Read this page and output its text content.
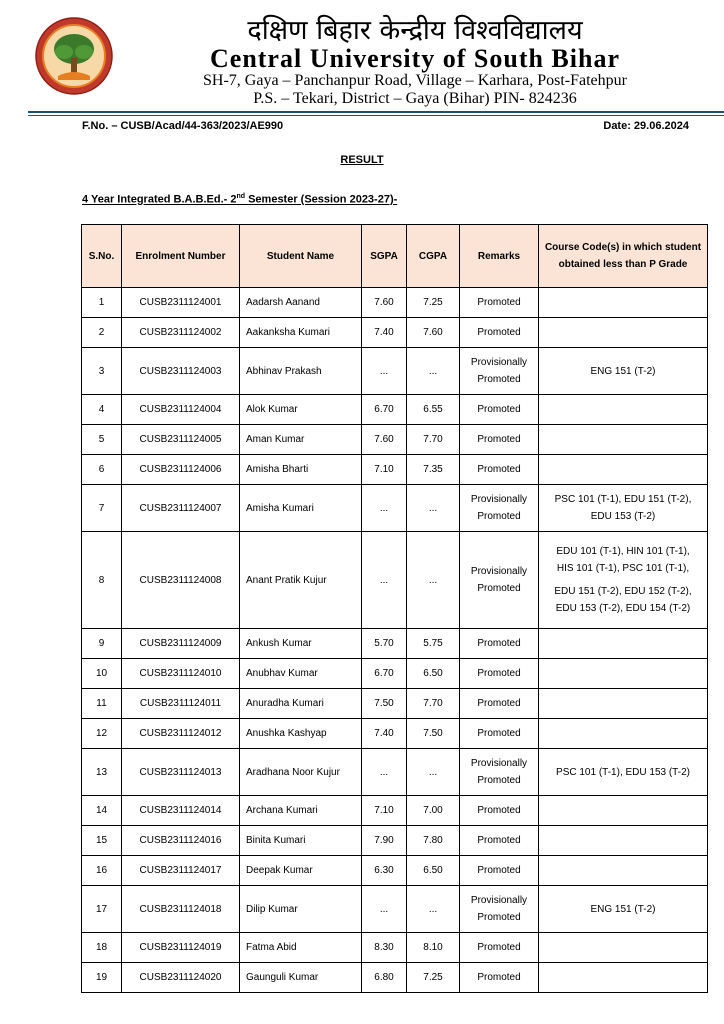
दक्षिण बिहार केन्द्रीय विश्वविद्यालय
Central University of South Bihar
SH-7, Gaya – Panchanpur Road, Village – Karhara, Post-Fatehpur
P.S. – Tekari, District – Gaya (Bihar) PIN- 824236
F.No. – CUSB/Acad/44-363/2023/AE990	Date: 29.06.2024
RESULT
4 Year Integrated B.A.B.Ed.- 2nd Semester (Session 2023-27)-
S.No.	Enrolment Number	Student Name	SGPA	CGPA	Remarks	Course Code(s) in which student obtained less than P Grade
1	CUSB2311124001	Aadarsh Aanand	7.60	7.25	Promoted	
2	CUSB2311124002	Aakanksha Kumari	7.40	7.60	Promoted	
3	CUSB2311124003	Abhinav Prakash	...	...	Provisionally Promoted	ENG 151 (T-2)

4	CUSB2311124004	Alok Kumar	6.70	6.55	Promoted	
5	CUSB2311124005	Aman Kumar	7.60	7.70	Promoted	
6	CUSB2311124006	Amisha Bharti	7.10	7.35	Promoted	
7	CUSB2311124007	Amisha Kumari	...	...	Provisionally Promoted	PSC 101 (T-1), EDU 151 (T-2),
EDU 153 (T-2)

8	CUSB2311124008	Anant Pratik Kujur	...	...	Provisionally Promoted	EDU 101 (T-1), HIN 101 (T-1),
HIS 101 (T-1), PSC 101 (T-1),
EDU 151 (T-2), EDU 152 (T-2),
EDU 153 (T-2), EDU 154 (T-2)

9	CUSB2311124009	Ankush Kumar	5.70	5.75	Promoted	
10	CUSB2311124010	Anubhav Kumar	6.70	6.50	Promoted	
11	CUSB2311124011	Anuradha Kumari	7.50	7.70	Promoted	
12	CUSB2311124012	Anushka Kashyap	7.40	7.50	Promoted	
13	CUSB2311124013	Aradhana Noor Kujur	...	...	Provisionally Promoted	PSC 101 (T-1), EDU 153 (T-2)

14	CUSB2311124014	Archana Kumari	7.10	7.00	Promoted	
15	CUSB2311124016	Binita Kumari	7.90	7.80	Promoted	
16	CUSB2311124017	Deepak Kumar	6.30	6.50	Promoted	
17	CUSB2311124018	Dilip Kumar	...	...	Provisionally Promoted	ENG 151 (T-2)

18	CUSB2311124019	Fatma Abid	8.30	8.10	Promoted	
19	CUSB2311124020	Gaunguli Kumar	6.80	7.25	Promoted	
